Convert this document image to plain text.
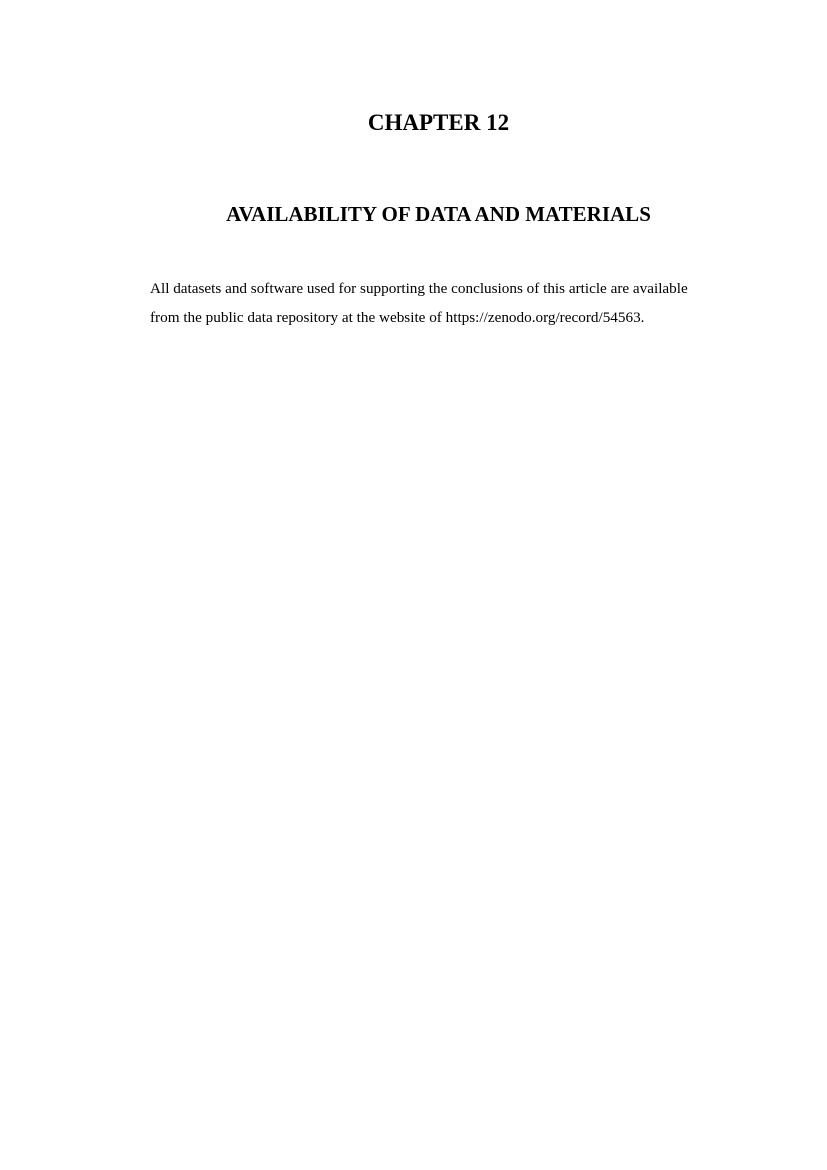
CHAPTER 12
AVAILABILITY OF DATA AND MATERIALS

All datasets and software used for supporting the conclusions of this article are available

from the public data repository at the website of https://zenodo.org/record/54563.
